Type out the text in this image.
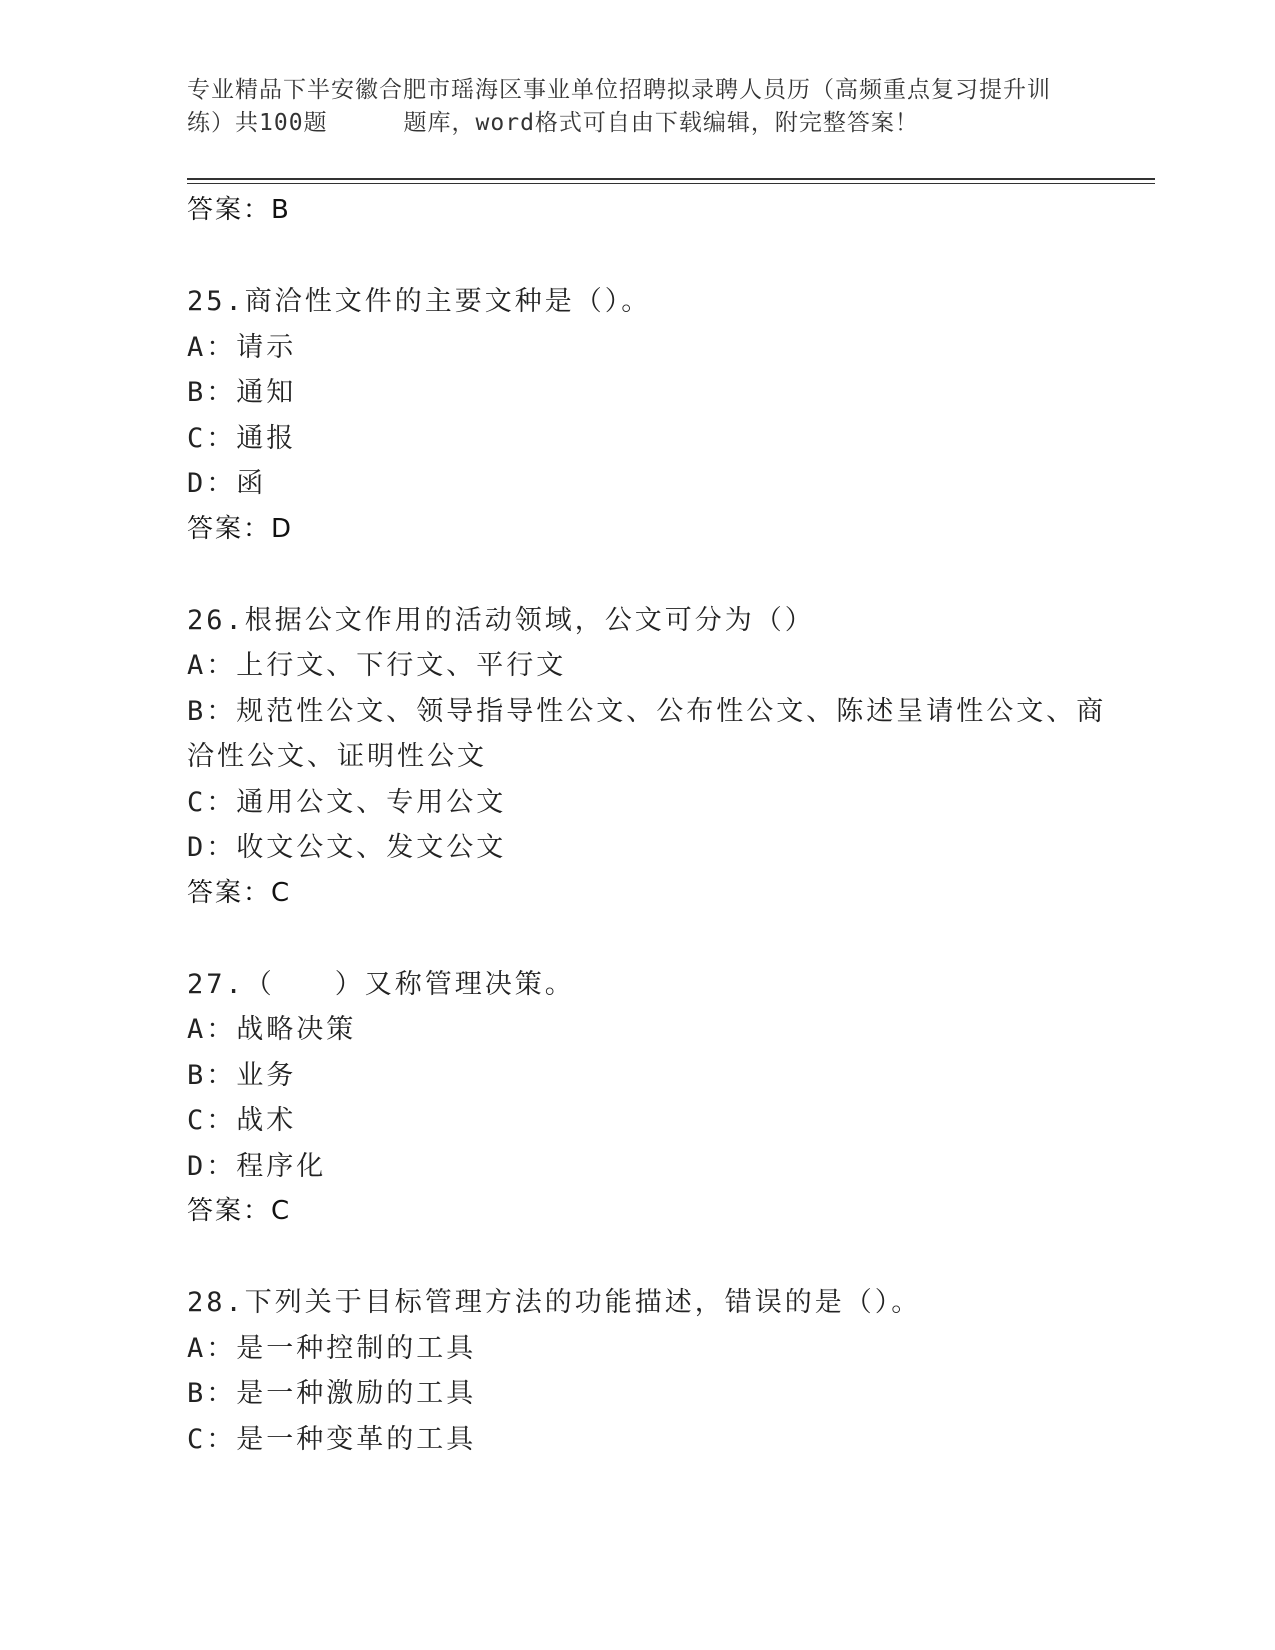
专业精品下半安徽合肥市瑶海区事业单位招聘拟录聘人员历（高频重点复习提升训
练）共100题	题库，word格式可自由下载编辑，附完整答案！
答案：B
25.商洽性文件的主要文种是（）。
A：请示
B：通知
C：通报
D：函
答案：D
26.根据公文作用的活动领域，公文可分为（）
A：上行文、下行文、平行文
B：规范性公文、领导指导性公文、公布性公文、陈述呈请性公文、商
洽性公文、证明性公文
C：通用公文、专用公文
D：收文公文、发文公文
答案：C
27.（　　）又称管理决策。
A：战略决策
B：业务
C：战术
D：程序化
答案：C
28.下列关于目标管理方法的功能描述，错误的是（）。
A：是一种控制的工具
B：是一种激励的工具
C：是一种变革的工具
